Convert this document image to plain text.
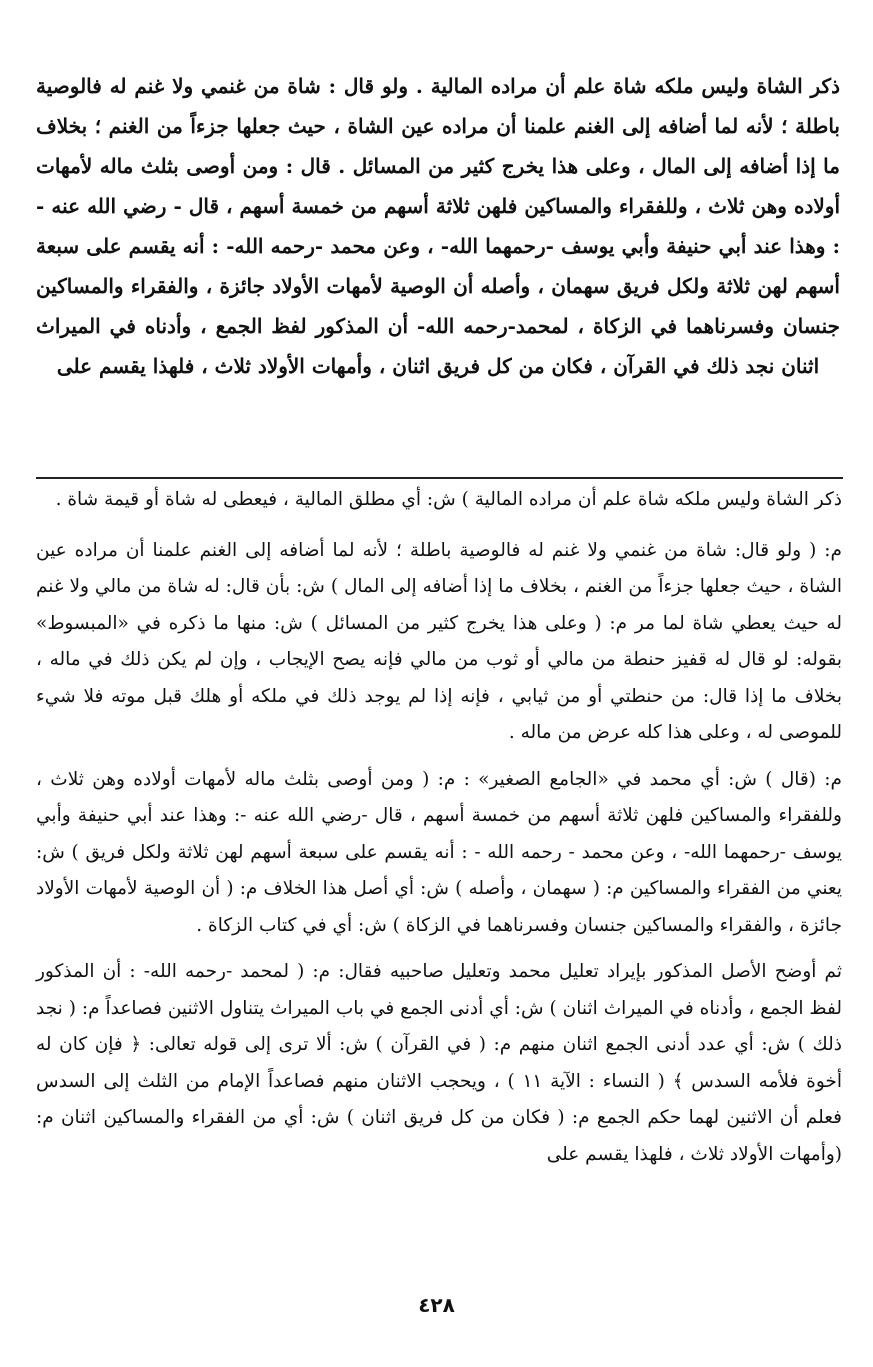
ذكر الشاة وليس ملكه شاة علم أن مراده المالية . ولو قال : شاة من غنمي ولا غنم له فالوصية باطلة ؛ لأنه لما أضافه إلى الغنم علمنا أن مراده عين الشاة ، حيث جعلها جزءاً من الغنم ؛ بخلاف ما إذا أضافه إلى المال ، وعلى هذا يخرج كثير من المسائل . قال : ومن أوصى بثلث ماله لأمهات أولاده وهن ثلاث ، وللفقراء والمساكين فلهن ثلاثة أسهم من خمسة أسهم ، قال - رضي الله عنه - : وهذا عند أبي حنيفة وأبي يوسف -رحمهما الله- ، وعن محمد -رحمه الله- : أنه يقسم على سبعة أسهم لهن ثلاثة ولكل فريق سهمان ، وأصله أن الوصية لأمهات الأولاد جائزة ، والفقراء والمساكين جنسان وفسرناهما في الزكاة ، لمحمد-رحمه الله- أن المذكور لفظ الجمع ، وأدناه في الميراث اثنان نجد ذلك في القرآن ، فكان من كل فريق اثنان ، وأمهات الأولاد ثلاث ، فلهذا يقسم على

ذكر الشاة وليس ملكه شاة علم أن مراده المالية ) ش: أي مطلق المالية ، فيعطى له شاة أو قيمة شاة .

م: ( ولو قال: شاة من غنمي ولا غنم له فالوصية باطلة ؛ لأنه لما أضافه إلى الغنم علمنا أن مراده عين الشاة ، حيث جعلها جزءاً من الغنم ، بخلاف ما إذا أضافه إلى المال ) ش: بأن قال: له شاة من مالي ولا غنم له حيث يعطي شاة لما مر م: ( وعلى هذا يخرج كثير من المسائل ) ش: منها ما ذكره في «المبسوط» بقوله: لو قال له قفيز حنطة من مالي أو ثوب من مالي فإنه يصح الإيجاب ، وإن لم يكن ذلك في ماله ، بخلاف ما إذا قال: من حنطتي أو من ثيابي ، فإنه إذا لم يوجد ذلك في ملكه أو هلك قبل موته فلا شيء للموصى له ، وعلى هذا كله عرض من ماله .

م: (قال ) ش: أي محمد في «الجامع الصغير» : م: ( ومن أوصى بثلث ماله لأمهات أولاده وهن ثلاث ، وللفقراء والمساكين فلهن ثلاثة أسهم من خمسة أسهم ، قال -رضي الله عنه -: وهذا عند أبي حنيفة وأبي يوسف -رحمهما الله- ، وعن محمد - رحمه الله - : أنه يقسم على سبعة أسهم لهن ثلاثة ولكل فريق ) ش: يعني من الفقراء والمساكين م: ( سهمان ، وأصله ) ش: أي أصل هذا الخلاف م: ( أن الوصية لأمهات الأولاد جائزة ، والفقراء والمساكين جنسان وفسرناهما في الزكاة ) ش: أي في كتاب الزكاة .

ثم أوضح الأصل المذكور بإيراد تعليل محمد وتعليل صاحبيه فقال: م: ( لمحمد -رحمه الله- : أن المذكور لفظ الجمع ، وأدناه في الميراث اثنان ) ش: أي أدنى الجمع في باب الميراث يتناول الاثنين فصاعداً م: ( نجد ذلك ) ش: أي عدد أدنى الجمع اثنان منهم م: ( في القرآن ) ش: ألا ترى إلى قوله تعالى: ﴿ فإن كان له أخوة فلأمه السدس ﴾ ( النساء : الآية ١١ ) ، ويحجب الاثنان منهم فصاعداً الإمام من الثلث إلى السدس فعلم أن الاثنين لهما حكم الجمع م: ( فكان من كل فريق اثنان ) ش: أي من الفقراء والمساكين اثنان م: (وأمهات الأولاد ثلاث ، فلهذا يقسم على

٤٢٨
